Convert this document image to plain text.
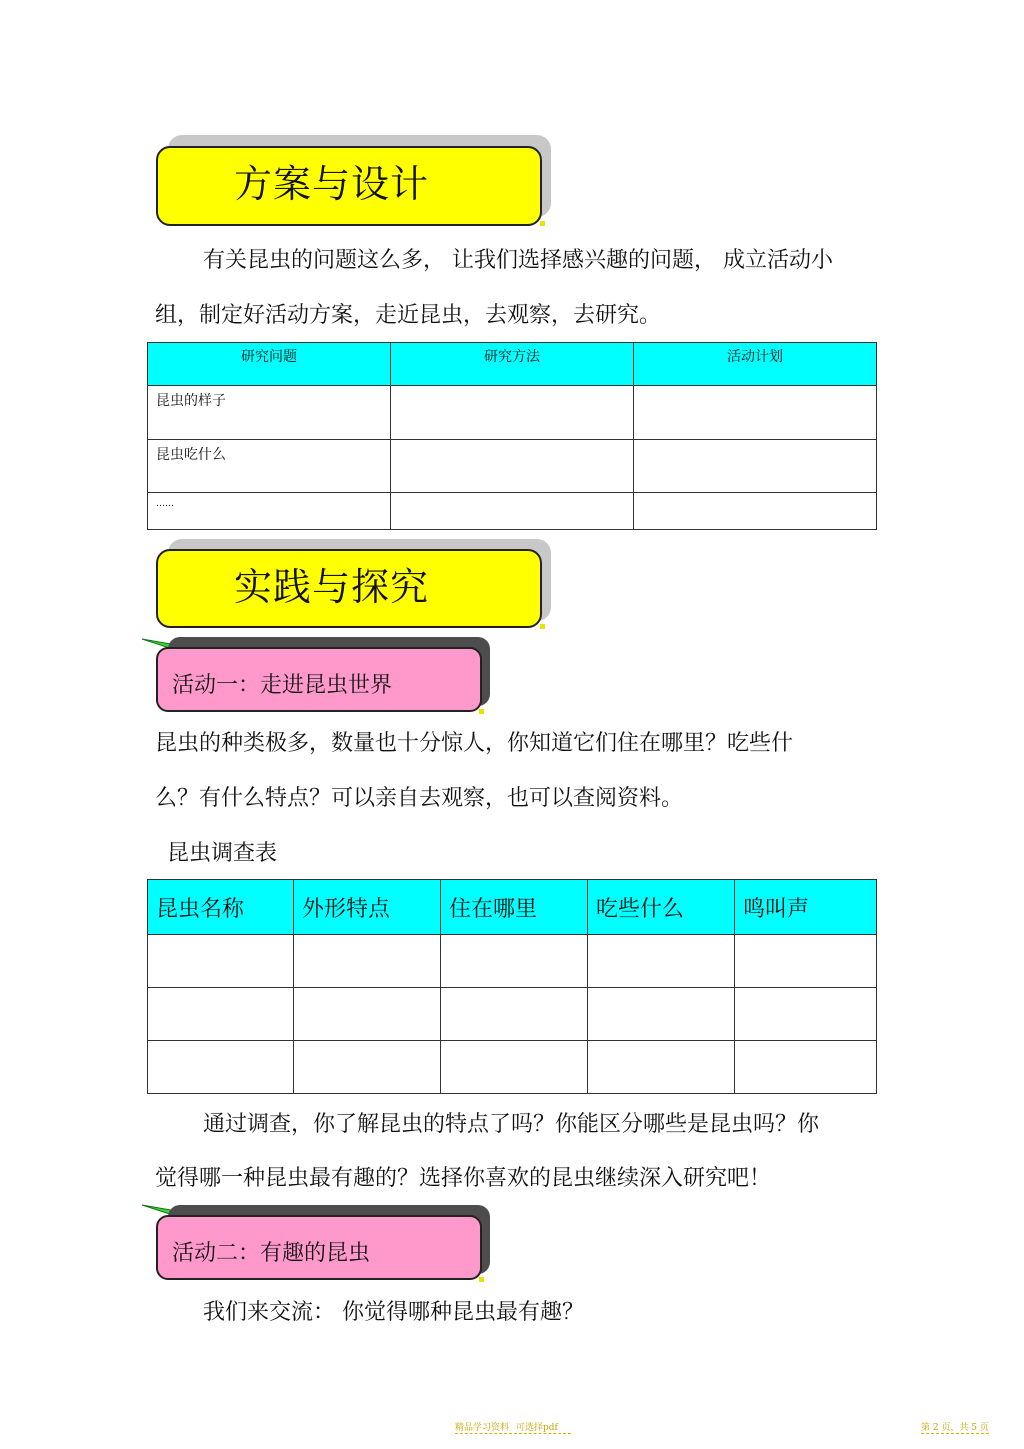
方案与设计
有关昆虫的问题这么多， 让我们选择感兴趣的问题， 成立活动小
组，制定好活动方案，走近昆虫，去观察，去研究。
研究问题	研究方法	活动计划
昆虫的样子		
昆虫吃什么		
……		
实践与探究
活动一：走进昆虫世界
昆虫的种类极多，数量也十分惊人，你知道它们住在哪里？吃些什
么？有什么特点？可以亲自去观察，也可以查阅资料。
昆虫调查表
昆虫名称	外形特点	住在哪里	吃些什么	鸣叫声

通过调查，你了解昆虫的特点了吗？你能区分哪些是昆虫吗？你
觉得哪一种昆虫最有趣的？选择你喜欢的昆虫继续深入研究吧！
活动二：有趣的昆虫
我们来交流： 你觉得哪种昆虫最有趣？
精品学习资料 可选择pdf	第 2 页，共 5 页
